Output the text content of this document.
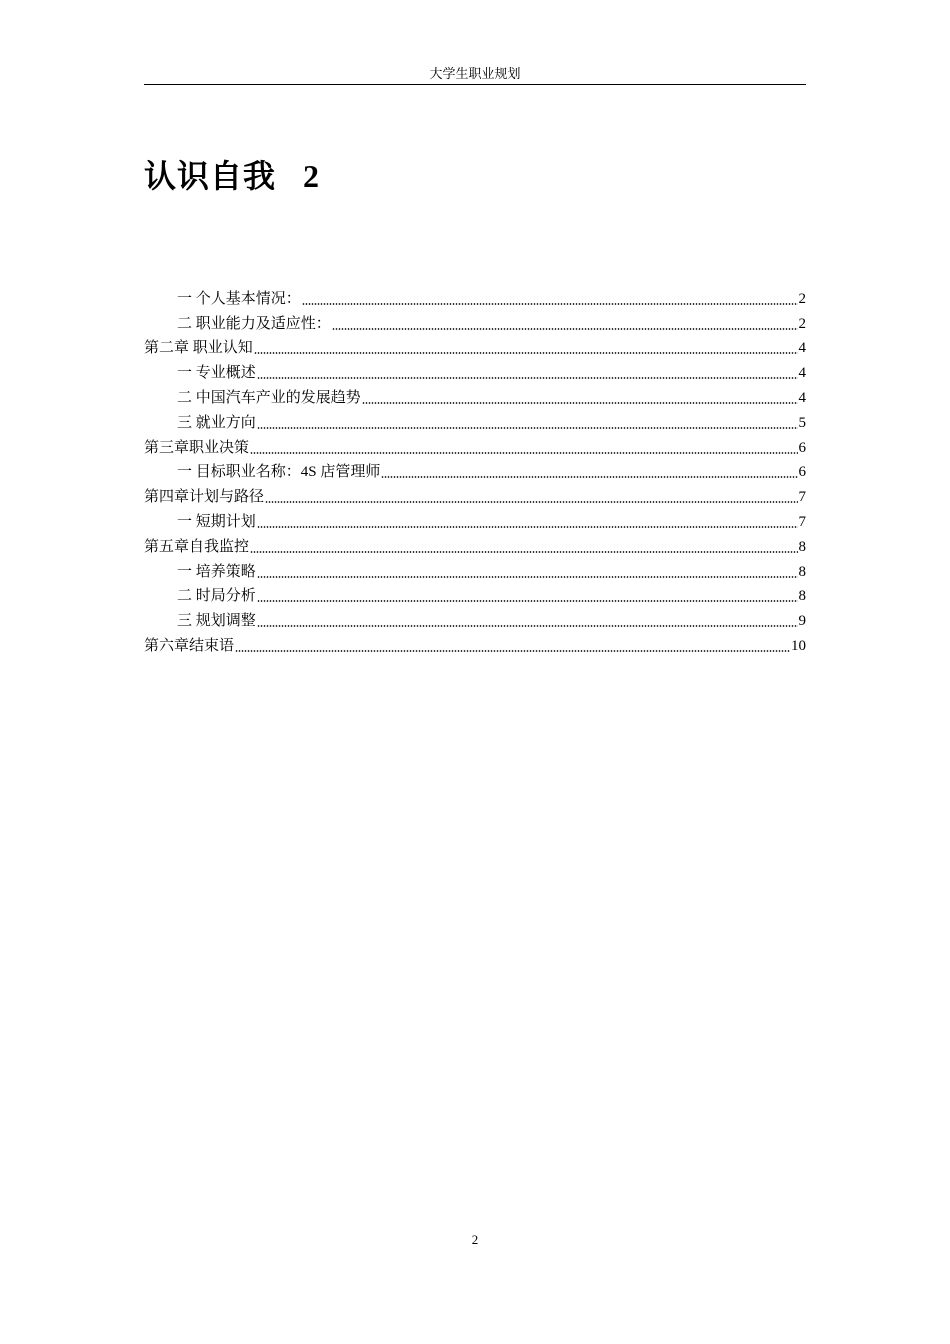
大学生职业规划
认识自我   2
一 个人基本情况：	2
二 职业能力及适应性：	2
第二章 职业认知	4
一 专业概述	4
二 中国汽车产业的发展趋势	4
三 就业方向	5
第三章职业决策	6
一 目标职业名称：4S 店管理师	6
第四章计划与路径	7
一 短期计划	7
第五章自我监控	8
一 培养策略	8
二 时局分析	8
三 规划调整	9
第六章结束语	10
2
